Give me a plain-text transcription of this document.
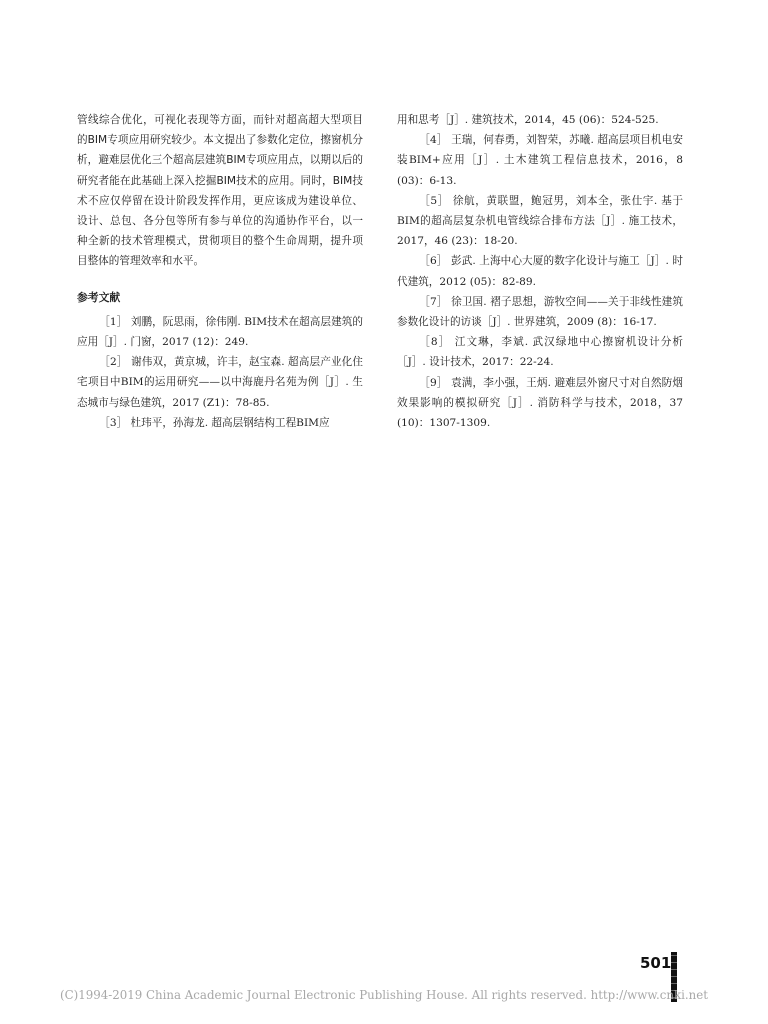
管线综合优化，可视化表现等方面，而针对超高超大型项目的BIM专项应用研究较少。本文提出了参数化定位，擦窗机分析，避难层优化三个超高层建筑BIM专项应用点，以期以后的研究者能在此基础上深入挖掘BIM技术的应用。同时，BIM技术不应仅停留在设计阶段发挥作用，更应该成为建设单位、设计、总包、各分包等所有参与单位的沟通协作平台，以一种全新的技术管理模式，贯彻项目的整个生命周期，提升项目整体的管理效率和水平。

参考文献

［1］ 刘鹏，阮思雨，徐伟刚. BIM技术在超高层建筑的应用［J］. 门窗，2017 (12)：249.

［2］ 谢伟双，黄京城，许丰，赵宝森. 超高层产业化住宅项目中BIM的运用研究——以中海鹿丹名苑为例［J］. 生态城市与绿色建筑，2017 (Z1)：78-85.

［3］ 杜玮平，孙海龙. 超高层钢结构工程BIM应

用和思考［J］. 建筑技术，2014，45 (06)：524-525.

［4］ 王瑞，何春勇，刘智荣，苏曦. 超高层项目机电安装BIM+应用［J］. 土木建筑工程信息技术，2016，8 (03)：6-13.

［5］ 徐航，黄联盟，鲍冠男，刘本全，张仕宇. 基于BIM的超高层复杂机电管线综合排布方法［J］. 施工技术，2017，46 (23)：18-20.

［6］ 彭武. 上海中心大厦的数字化设计与施工［J］. 时代建筑，2012 (05)：82-89.

［7］ 徐卫国. 褶子思想，游牧空间——关于非线性建筑参数化设计的访谈［J］. 世界建筑，2009 (8)：16-17.

［8］ 江文琳，李斌. 武汉绿地中心擦窗机设计分析［J］. 设计技术，2017：22-24.

［9］ 袁满，李小强，王炳. 避难层外窗尺寸对自然防烟效果影响的模拟研究［J］. 消防科学与技术，2018，37 (10)：1307-1309.

501
(C)1994-2019 China Academic Journal Electronic Publishing House. All rights reserved. http://www.cnki.net
